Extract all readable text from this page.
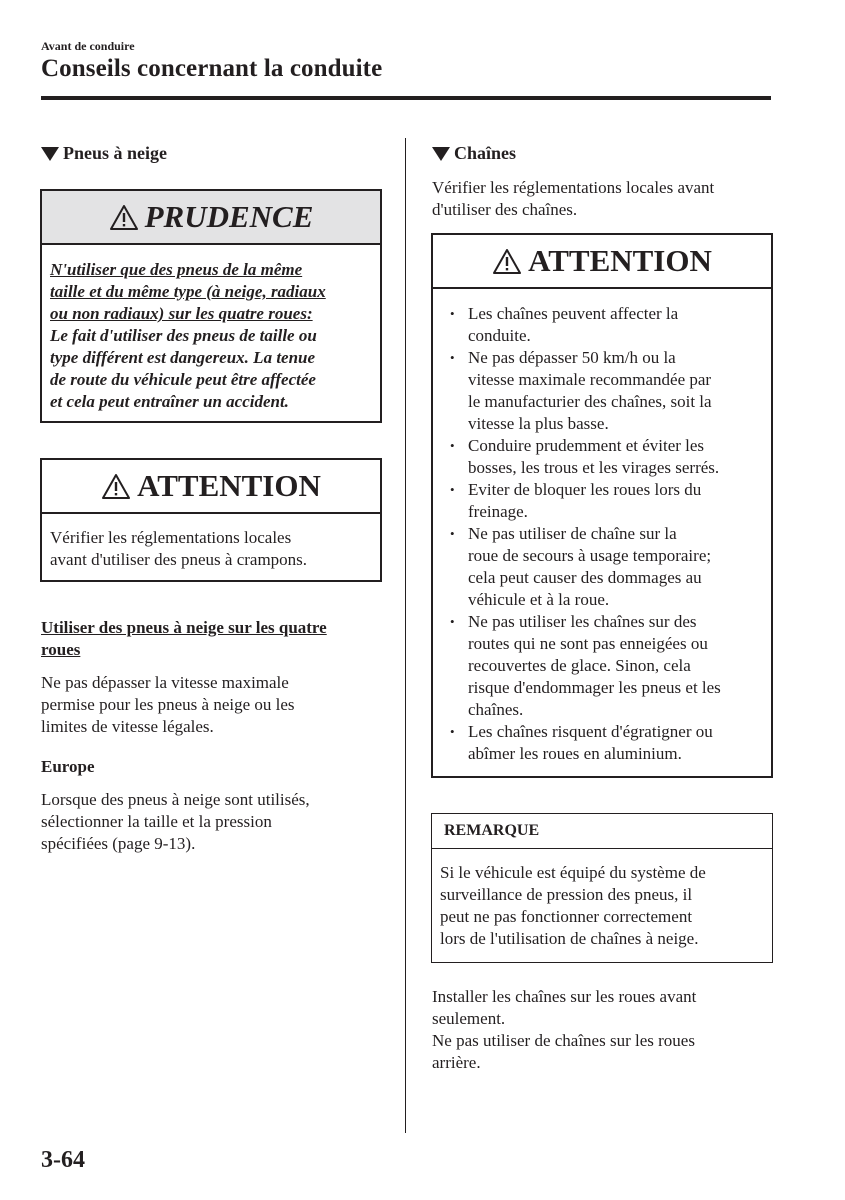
Avant de conduire
Conseils concernant la conduite
Pneus à neige
PRUDENCE
N'utiliser que des pneus de la même
taille et du même type (à neige, radiaux
ou non radiaux) sur les quatre roues:
Le fait d'utiliser des pneus de taille ou
type différent est dangereux. La tenue
de route du véhicule peut être affectée
et cela peut entraîner un accident.
ATTENTION
Vérifier les réglementations locales
avant d'utiliser des pneus à crampons.
Utiliser des pneus à neige sur les quatre
roues
Ne pas dépasser la vitesse maximale
permise pour les pneus à neige ou les
limites de vitesse légales.
Europe
Lorsque des pneus à neige sont utilisés,
sélectionner la taille et la pression
spécifiées (page 9-13).
Chaînes
Vérifier les réglementations locales avant
d'utiliser des chaînes.
ATTENTION
• Les chaînes peuvent affecter la
conduite.
• Ne pas dépasser 50 km/h ou la
vitesse maximale recommandée par
le manufacturier des chaînes, soit la
vitesse la plus basse.
• Conduire prudemment et éviter les
bosses, les trous et les virages serrés.
• Eviter de bloquer les roues lors du
freinage.
• Ne pas utiliser de chaîne sur la
roue de secours à usage temporaire;
cela peut causer des dommages au
véhicule et à la roue.
• Ne pas utiliser les chaînes sur des
routes qui ne sont pas enneigées ou
recouvertes de glace. Sinon, cela
risque d'endommager les pneus et les
chaînes.
• Les chaînes risquent d'égratigner ou
abîmer les roues en aluminium.
REMARQUE
Si le véhicule est équipé du système de
surveillance de pression des pneus, il
peut ne pas fonctionner correctement
lors de l'utilisation de chaînes à neige.
Installer les chaînes sur les roues avant
seulement.
Ne pas utiliser de chaînes sur les roues
arrière.
3-64
